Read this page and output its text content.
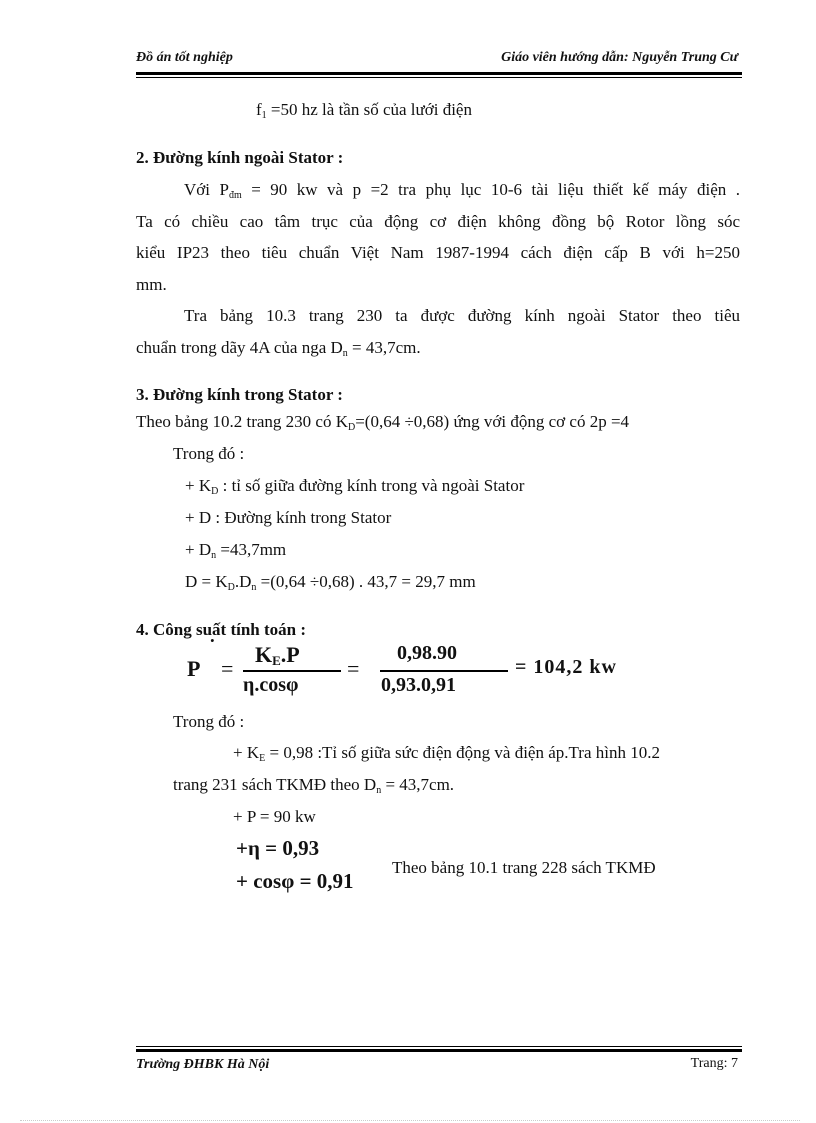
Đồ án tốt nghiệp	Giáo viên hướng dẫn: Nguyễn Trung Cư
$f_1 =50$ hz là tần số của lưới điện
2. Đường kính ngoài Stator :
Với $P_{đm} = 90$ kw và p =2 tra phụ lục 10-6 tài liệu thiết kế máy điện .
Ta có chiều cao tâm trục của động cơ điện không đồng bộ Rotor lồng sóc
kiểu IP23 theo tiêu chuẩn Việt Nam 1987-1994 cách điện cấp B với h=250
mm.
Tra bảng 10.3 trang 230 ta được đường kính ngoài Stator theo tiêu
chuẩn trong dãy 4A của nga $D_n = 43,7cm$.
3. Đường kính trong Stator :
Theo bảng 10.2 trang 230 có $K_D=(0,64 \div 0,68)$ ứng với động cơ có 2p =4
Trong đó :
+ $K_D$ : tỉ số giữa đường kính trong và ngoài Stator
+ D : Đường kính trong Stator
+ $D_n =43,7mm$
$D = K_D.D_n =(0,64 \div 0,68)$ . 43,7 = 29,7 mm
4. Công suất tính toán :
P
˙
=
$K_E.P$
η.cosφ
=
0,98.90
0,93.0,91
= 104,2 kw
Trong đó :
+ $K_E = 0,98$ :Tỉ số giữa sức điện động và điện áp.Tra hình 10.2
trang 231 sách TKMĐ theo $D_n = 43,7cm$.
+ P = 90 kw
+η = 0,93
+ cosφ = 0,91
Theo bảng 10.1 trang 228 sách TKMĐ
Trường ĐHBK Hà Nội	Trang: 7
